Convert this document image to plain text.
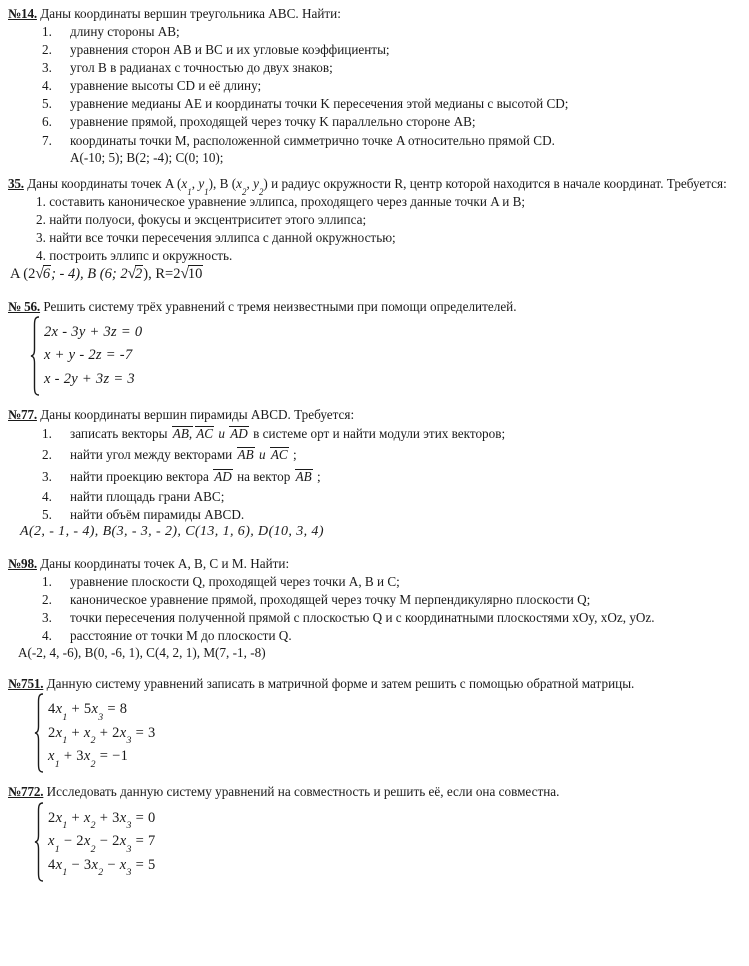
№14. Даны координаты вершин треугольника ABC. Найти:
1.	длину стороны AB;
2.	уравнения сторон AB и BC и их угловые коэффициенты;
3.	угол B в радианах с точностью до двух знаков;
4.	уравнение высоты CD и её длину;
5.	уравнение медианы AE и координаты точки K пересечения этой медианы с высотой CD;
6.	уравнение прямой, проходящей через точку K параллельно стороне AB;
7.	координаты точки M, расположенной симметрично точке A относительно прямой CD.
A(-10; 5); B(2; -4); C(0; 10);
35. Даны координаты точек A ($x_1$, $y_1$), B ($x_2$, $y_2$) и радиус окружности R, центр которой находится в начале координат. Требуется:
1. составить каноническое уравнение эллипса, проходящего через данные точки A и B;
2. найти полуоси, фокусы и эксцентриситет этого эллипса;
3. найти все точки пересечения эллипса с данной окружностью;
4. построить эллипс и окружность.
A (2√6; - 4), B (6; 2√2), R=2√10
№ 56. Решить систему трёх уравнений с тремя неизвестными при помощи определителей.
2x - 3y + 3z = 0
x + y - 2z = -7
x - 2y + 3z = 3
№77. Даны координаты вершин пирамиды ABCD. Требуется:
1.	записать векторы AB, AC и AD в системе орт и найти модули этих векторов;
2.	найти угол между векторами AB и AC ;
3.	найти проекцию вектора AD на вектор AB ;
4.	найти площадь грани ABC;
5.	найти объём пирамиды ABCD.
A(2, - 1, - 4), B(3, - 3, - 2), C(13, 1, 6), D(10, 3, 4)
№98. Даны координаты точек A, B, C и M. Найти:
1.	уравнение плоскости Q, проходящей через точки A, B и C;
2.	каноническое уравнение прямой, проходящей через точку M перпендикулярно плоскости Q;
3.	точки пересечения полученной прямой с плоскостью Q и с координатными плоскостями xOy, xOz, yOz.
4.	расстояние от точки M до плоскости Q.
A(-2, 4, -6), B(0, -6, 1), C(4, 2, 1), M(7, -1, -8)
№751. Данную систему уравнений записать в матричной форме и затем решить с помощью обратной матрицы.
$4x_1 + 5x_3 = 8$
$2x_1 + x_2 + 2x_3 = 3$
$x_1 + 3x_2 = -1$
№772. Исследовать данную систему уравнений на совместность и решить её, если она совместна.
$2x_1 + x_2 + 3x_3 = 0$
$x_1 - 2x_2 - 2x_3 = 7$
$4x_1 - 3x_2 - x_3 = 5$
